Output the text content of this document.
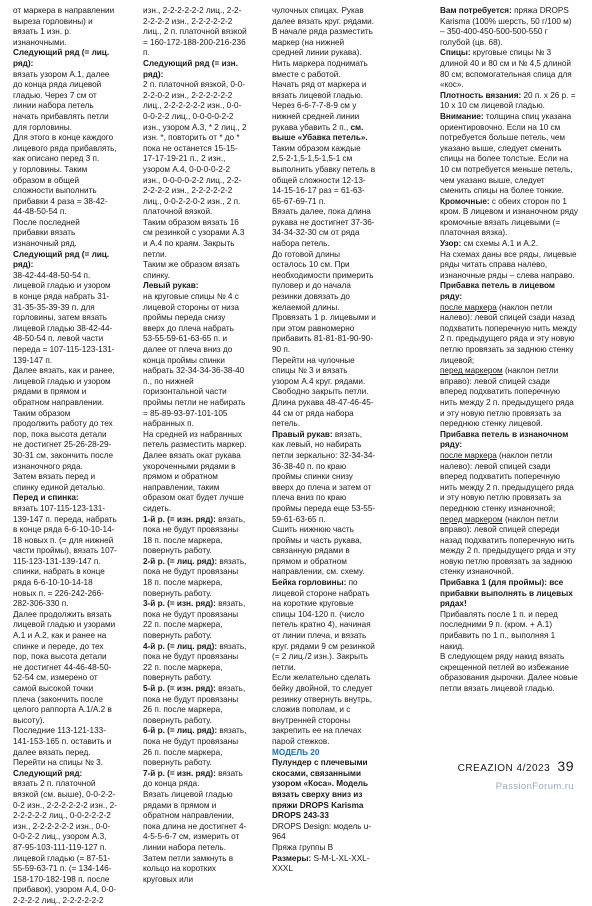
от маркера в направлении выреза горловины) и вязать 1 изн. р. изнаночными.
Следующий ряд (= лиц. ряд):
вязать узором А.1, далее до конца ряда лицевой гладью. Через 7 см от линии набора петель начать прибавлять петли для горловины.
Для этого в конце каждого лицевого ряда прибавлять, как описано перед 3 п.
у горловины. Таким образом в общей сложности выполнить прибавки 4 раза = 38-42-44-48-50-54 п.
После последней прибавки вязать изнаночный ряд.
Следующий ряд (= лиц. ряд):
38-42-44-48-50-54 п. лицевой гладью и узором в конце ряда набрать 31-31-35-35-39-39 п. для горловины, затем вязать лицевой гладью 38-42-44-48-50-54 п. левой части переда = 107-115-123-131-139-147 п.
Далее вязать, как и ранее, лицевой гладью и узором рядами в прямом и обратном направлении.
Таким образом продолжить работу до тех пор, пока высота детали не достигнет 25-26-28-29-30-31 см, закончить после изнаночного ряда.
Затем вязать перед и спинку единой деталью.
Перед и спинка:
вязать 107-115-123-131-139-147 п. переда, набрать в конце ряда 6-6-10-10-14-18 новых п. (= для нижней части проймы), вязать 107-115-123-131-139-147 п. спинки, набрать в конце ряда 6-6-10-10-14-18 новых п. = 226-242-266-282-306-330 п.
Далее продолжить вязать лицевой гладью и узорами А.1 и А.2, как и ранее на спинке и переде, до тех пор, пока высота детали не достигнет 44-46-48-50-52-54 см, измерено от самой высокой точки плеча (закончить после целого раппорта А.1/А.2 в высоту).
Последние 113-121-133-141-153-165 п. оставить и далее вязать перед.
Перейти на спицы № 3.
Следующий ряд:
вязать 2 п. платочной вязкой (см. выше), 0-0-2-2-0-2 изн., 2-2-2-2-2-2 изн., 2-2-2-2-2-2 лиц., 0-0-2-2-2-2 изн., 2-2-2-2-2-2 изн., 0-0-0-0-2-2 лиц., узором А.3, 87-95-103-111-119-127 п. лицевой гладью (= 87-51-55-59-63-71 п. (= 134-146-158-170-182-198 п. после прибавок), узором А.4, 0-0-2-2-2-2 лиц., 2-2-2-2-2-2
изн., 2-2-2-2-2-2 лиц., 2-2-2-2-2-2 изн., 2-2-2-2-2-2 лиц., 2 п. платочной вязкой = 160-172-188-200-216-236 п.
Следующий ряд (= изн. ряд):
2 п. платочной вязкой, 0-0-2-2-0-2 изн., 2-2-2-2-2-2 лиц., 2-2-2-2-2-2 изн., 0-0-0-0-2-2 лиц., 0-0-0-0-2-2 изн., узором А.3, * 2 лиц., 2 изн. *, повторить от * до * пока не останется 15-15-17-17-19-21 п., 2 изн., узором А.4, 0-0-0-0-2-2 изн., 0-0-0-0-2-2 лиц., 2-2-2-2-2-2 изн., 2-2-2-2-2-2 лиц., 0-0-2-2-0-2 изн., 2 п. платочной вязкой.
Таким образом вязать 16 см резинкой с узорами А.3 и А.4 по краям. Закрыть петли.
Таким же образом вязать спинку.
Левый рукав:
на круговые спицы № 4 с лицевой стороны от низа проймы переда снизу вверх до плеча набрать 53-55-59-61-63-65 п. и далее от плеча вниз до конца проймы спинки набрать 32-34-34-36-38-40 п., по нижней горизонтальной части проймы петли не набирать = 85-89-93-97-101-105 набранных п.
На средней из набранных петель разместить маркер.
Далее вязать окат рукава укороченными рядами в прямом и обратном направлении, таким образом окат будет лучше сидеть.
1-й р. (= изн. ряд): вязать, пока не будут провязаны 18 п. после маркера, повернуть работу.
2-й р. (= лиц. ряд): вязать, пока не будут провязаны 18 п. после маркера, повернуть работу.
3-й р. (= изн. ряд): вязать, пока не будут провязаны 22 п. после маркера, повернуть работу.
4-й р. (= лиц. ряд): вязать, пока не будут провязаны 22 п. после маркера, повернуть работу.
5-й р. (= изн. ряд): вязать, пока не будут провязаны 26 п. после маркера, повернуть работу.
6-й р. (= лиц. ряд): вязать, пока не будут провязаны 26 п. после маркера, повернуть работу.
7-й р. (= изн. ряд): вязать до конца ряда.
Вязать лицевой гладью рядами в прямом и обратном направлении, пока длина не достигнет 4-4-5-5-6-7 см, измерить от линии набора петель.
Затем петли замкнуть в кольцо на коротких круговых или
чулочных спицах. Рукав далее вязать круг. рядами.
В начале ряда разместить маркер (на нижней средней линии рукава). Нить маркера поднимать вместе с работой.
Начать ряд от маркера и вязать лицевой гладью.
Через 6-6-7-7-8-9 см у нижней средней линии рукава убавить 2 п., см. выше «Убавка петель».
Таким образом каждые 2,5-2-1,5-1,5-1,5-1 см выполнить убавку петель в общей сложности 12-13-14-15-16-17 раз = 61-63-65-67-69-71 п.
Вязать далее, пока длина рукава не достигнет 37-36-34-34-32-30 см от ряда набора петель.
До готовой длины осталось 10 см. При необходимости примерить пуловер и до начала резинки довязать до желаемой длины.
Провязать 1 р. лицевыми и при этом равномерно прибавить 81-81-81-90-90-90 п.
Перейти на чулочные спицы № 3 и вязать узором А.4 круг. рядами.
Свободно закрыть петли.
Длина рукава 48-47-46-45-44 см от ряда набора петель.
Правый рукав: вязать, как левый, но набирать петли зеркально: 32-34-34-36-38-40 п. по краю проймы спинки снизу вверх до плеча и затем от плеча вниз по краю проймы переда еще 53-55-59-61-63-65 п.
Сшить нижнюю часть проймы и часть рукава, связанную рядами в прямом и обратном направлении, см. схему.
Бейка горловины: по лицевой стороне набрать на короткие круговые спицы 104-120 п. (число петель кратно 4), начиная от линии плеча, и вязать круг. рядами 9 см резинкой (= 2 лиц./2 изн.). Закрыть петли.
Если желательно сделать бейку двойной, то следует резинку отвернуть внутрь, сложив пополам, и с внутренней стороны закрепить ее на плечах парой стежков.
МОДЕЛЬ 20
Пулундер с плечевыми скосами, связанными узором «Коса». Модель вязать сверху вниз из пряжи DROPS Karisma
DROPS 243-33
DROPS Design: модель u-964
Пряжа группы B
Размеры: S-M-L-XL-XXL-XXXL
Вам потребуется: пряжа DROPS Karisma (100% шерсть, 50 г/100 м) – 350-400-450-500-500-550 г голубой (цв. 68).
Спицы: круговые спицы № 3 длиной 40 и 80 см и № 4,5 длиной 80 см; вспомогательная спица для «кос».
Плотность вязания: 20 п. х 26 р. = 10 х 10 см лицевой гладью.
Внимание: толщина спиц указана ориентировочно. Если на 10 см потребуется больше петель, чем указано выше, следует сменить спицы на более толстые. Если на 10 см потребуется меньше петель, чем указано выше, следует сменить спицы на более тонкие.
Кромочные: с обеих сторон по 1 кром. В лицевом и изнаночном ряду кромочные вязать лицевыми (= платочная вязка).
Узор: см схемы А.1 и А.2.
На схемах даны все ряды, лицевые ряды читать справа налево, изнаночные ряды – слева направо.
Прибавка петель в лицевом ряду:
после маркера (наклон петли налево): левой спицей сзади назад подхватить поперечную нить между 2 п. предыдущего ряда и эту новую петлю провязать за заднюю стенку лицевой;
перед маркером (наклон петли вправо): левой спицей сзади вперед подхватить поперечную нить между 2 п. предыдущего ряда и эту новую петлю провязать за переднюю стенку лицевой.
Прибавка петель в изнаночном ряду:
после маркера (наклон петли налево): левой спицей сзади вперед подхватить поперечную нить между 2 п. предыдущего ряда и эту новую петлю провязать за переднюю стенку изнаночной;
перед маркером (наклон петли вправо): левой спицей спереди назад подхватить поперечную нить между 2 п. предыдущего ряда и эту новую петлю провязать за заднюю стенку изнаночной.
Прибавка 1 (для проймы): все прибавки выполнять в лицевых рядах!
Прибавлять после 1 п. и перед последними 9 п. (кром. + А.1) прибавить по 1 п., выполняя 1 накид.
В следующем ряду накид вязать скрещенной петлей во избежание образования дырочки. Далее новые петли вязать лицевой гладью.
CREAZION 4/2023 39
PassionForum.ru
